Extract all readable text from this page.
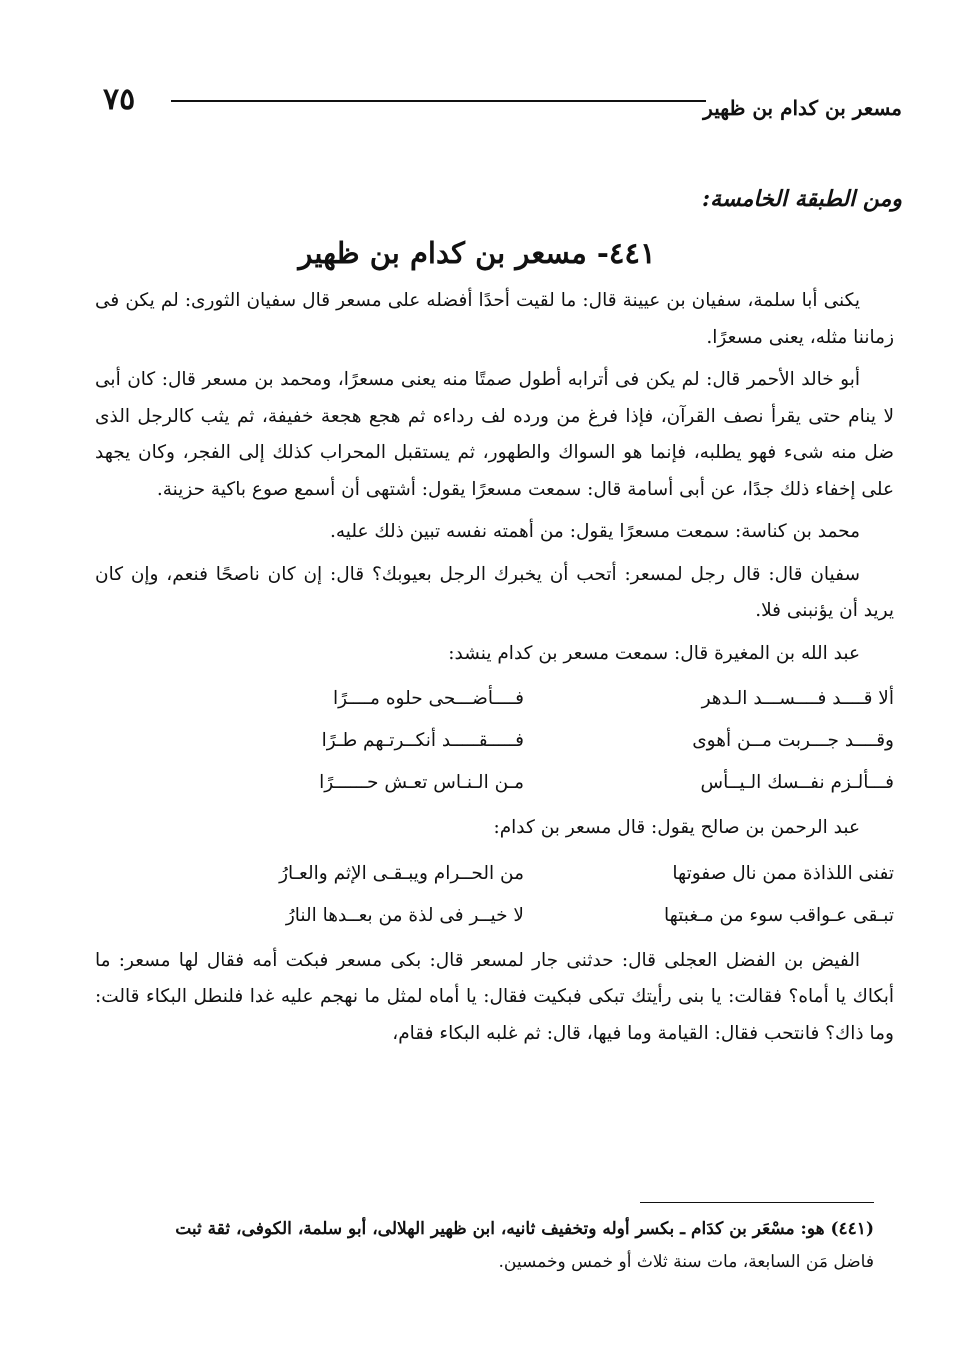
٧٥	مسعر بن كدام بن ظهير
ومن الطبقة الخامسة:
٤٤١- مسعر بن كدام بن ظهير

يكنى أبا سلمة، سفيان بن عيينة قال: ما لقيت أحدًا أفضله على مسعر قال سفيان الثورى: لم يكن فى زماننا مثله، يعنى مسعرًا.

أبو خالد الأحمر قال: لم يكن فى أترابه أطول صمتًا منه يعنى مسعرًا، ومحمد بن مسعر قال: كان أبى لا ينام حتى يقرأ نصف القرآن، فإذا فرغ من ورده لف رداءه ثم هجع هجعة خفيفة، ثم يثب كالرجل الذى ضل منه شىء فهو يطلبه، فإنما هو السواك والطهور، ثم يستقبل المحراب كذلك إلى الفجر، وكان يجهد على إخفاء ذلك جدًا، عن أبى أسامة قال: سمعت مسعرًا يقول: أشتهى أن أسمع صوع باكية حزينة.

محمد بن كناسة: سمعت مسعرًا يقول: من أهمته نفسه تبين ذلك عليه.

سفيان قال: قال رجل لمسعر: أتحب أن يخبرك الرجل بعيوبك؟ قال: إن كان ناصحًا فنعم، وإن كان يريد أن يؤنبنى فلا.

عبد الله بن المغيرة قال: سمعت مسعر بن كدام ينشد:

ألا قــــد فــــســـد الـدهر
فــــأضـــحى حلوه مــــرًا
وقــــد جـــربت مــن أهوى
فـــــقـــــد أنكــرتـهم طـرًا
فـــألـزم نفــسك الـيــأس
مـن الـنـاس تعـش حــــــرًا

عبد الرحمن بن صالح يقول: قال مسعر بن كدام:

تفنى اللذاذة ممن نال صفوتها
من الحــرام ويبـقـى الإثم والعـارُ
تبـقى عـواقب سوء من مـغبتها
لا خيــر فى لذة من بعــدها النارُ

الفيض بن الفضل العجلى قال: حدثنى جار لمسعر قال: بكى مسعر فبكت أمه فقال لها مسعر: ما أبكاك يا أماه؟ فقالت: يا بنى رأيتك تبكى فبكيت فقال: يا أماه لمثل ما نهجم عليه غدا فلنطل البكاء قالت: وما ذاك؟ فانتحب فقال: القيامة وما فيها، قال: ثم غلبه البكاء فقام،

(٤٤١) هو: مسْعَر بن كدَام ـ بكسر أوله وتخفيف ثانيه، ابن ظهير الهلالى، أبو سلمة، الكوفى، ثقة ثبت
فاضل مَن السابعة، مات سنة ثلاث أو خمس وخمسين.
